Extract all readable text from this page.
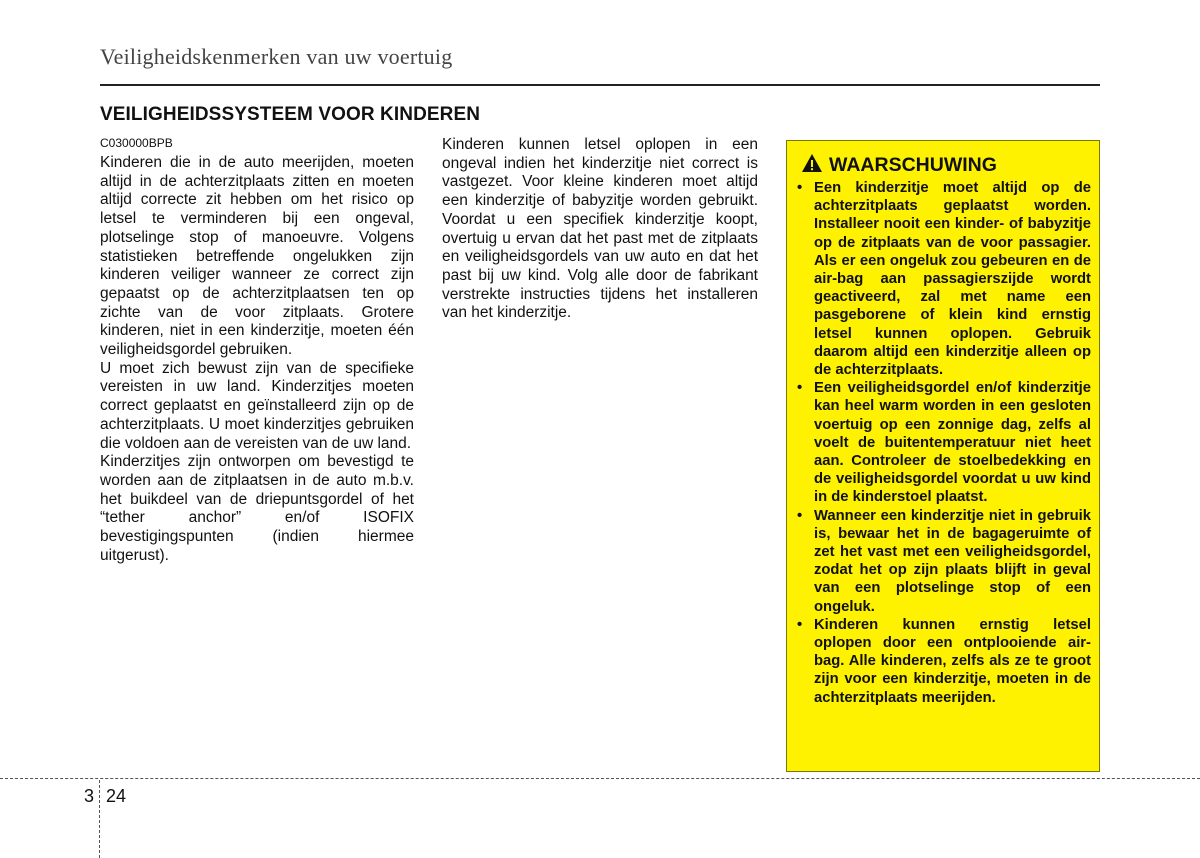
Veiligheidskenmerken van uw voertuig
VEILIGHEIDSSYSTEEM VOOR KINDEREN

C030000BPB

Kinderen die in de auto meerijden, moeten altijd in de achterzitplaats zitten en moeten altijd correcte zit hebben om het risico op letsel te verminderen bij een ongeval, plotselinge stop of manoeuvre. Volgens statistieken betreffende ongelukken zijn kinderen veiliger wanneer ze correct zijn gepaatst op de achterzitplaatsen ten op zichte van de voor zitplaats. Grotere kinderen, niet in een kinderzitje, moeten één veiligheidsgordel gebruiken.

U moet zich bewust zijn van de specifieke vereisten in uw land. Kinderzitjes moeten correct geplaatst en geïnstalleerd zijn op de achterzitplaats. U moet kinderzitjes gebruiken die voldoen aan de vereisten van de uw land.

Kinderzitjes zijn ontworpen om bevestigd te worden aan de zitplaatsen in de auto m.b.v. het buikdeel van de driepuntsgordel of het “tether anchor” en/of ISOFIX bevestigingspunten (indien hiermee uitgerust).

Kinderen kunnen letsel oplopen in een ongeval indien het kinderzitje niet correct is vastgezet. Voor kleine kinderen moet altijd een kinderzitje of babyzitje worden gebruikt. Voordat u een specifiek kinderzitje koopt, overtuig u ervan dat het past met de zitplaats en veiligheidsgordels van uw auto en dat het past bij uw kind. Volg alle door de fabrikant verstrekte instructies tijdens het installeren van het kinderzitje.

WAARSCHUWING
• Een kinderzitje moet altijd op de achterzitplaats geplaatst worden. Installeer nooit een kinder- of babyzitje op de zitplaats van de voor passagier. Als er een ongeluk zou gebeuren en de air-bag aan passagierszijde wordt geactiveerd, zal met name een pasgeborene of klein kind ernstig letsel kunnen oplopen. Gebruik daarom altijd een kinderzitje alleen op de achterzitplaats.
• Een veiligheidsgordel en/of kinderzitje kan heel warm worden in een gesloten voertuig op een zonnige dag, zelfs al voelt de buitentemperatuur niet heet aan. Controleer de stoelbedekking en de veiligheidsgordel voordat u uw kind in de kinderstoel plaatst.
• Wanneer een kinderzitje niet in gebruik is, bewaar het in de bagageruimte of zet het vast met een veiligheidsgordel, zodat het op zijn plaats blijft in geval van een plotselinge stop of een ongeluk.
• Kinderen kunnen ernstig letsel oplopen door een ontplooiende air-bag. Alle kinderen, zelfs als ze te groot zijn voor een kinderzitje, moeten in de achterzitplaats meerijden.
3 24
